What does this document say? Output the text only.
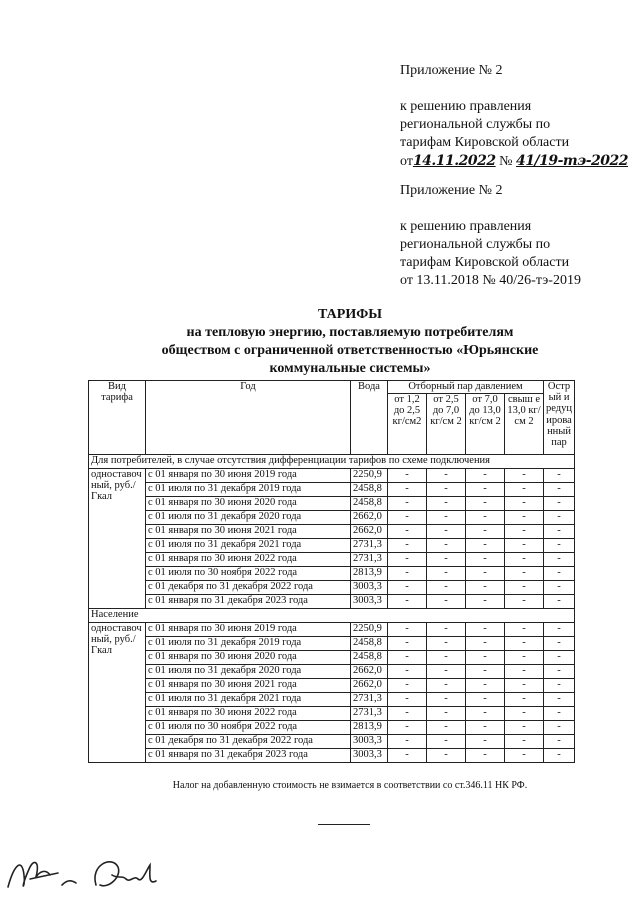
Приложение № 2
к решению правления
региональной службы по
тарифам Кировской области
от14.11.2022 № 41/19-тэ-2022
Приложение № 2
к решению правления
региональной службы по
тарифам Кировской области
от 13.11.2018 № 40/26-тэ-2019
ТАРИФЫ
на тепловую энергию, поставляемую потребителям
обществом с ограниченной ответственностью «Юрьянские
коммунальные системы»
Вид тарифа	Год	Вода	Отборный пар давлением				Остр ый и редуц ирова нный пар
			от 1,2 до 2,5 кг/см2	от 2,5 до 7,0 кг/см 2	от 7,0 до 13,0 кг/см 2	свыш е 13,0 кг/см 2	
Для потребителей, в случае отсутствия дифференциации тарифов по схеме подключения							
одноставоч ный, руб./Гкал	с 01 января по 30 июня 2019 года	2250,9	-	-	-	-	-
	с 01 июля по 31 декабря 2019 года	2458,8	-	-	-	-	-
	с 01 января по 30 июня 2020 года	2458,8	-	-	-	-	-
	с 01 июля по 31 декабря 2020 года	2662,0	-	-	-	-	-
	с 01 января по 30 июня 2021 года	2662,0	-	-	-	-	-
	с 01 июля по 31 декабря 2021 года	2731,3	-	-	-	-	-
	с 01 января по 30 июня 2022 года	2731,3	-	-	-	-	-
	с 01 июля по 30 ноября 2022 года	2813,9	-	-	-	-	-
	с 01 декабря по 31 декабря 2022 года	3003,3	-	-	-	-	-
	с 01 января по 31 декабря 2023 года	3003,3	-	-	-	-	-
Население							
одноставоч ный, руб./Гкал	с 01 января по 30 июня 2019 года	2250,9	-	-	-	-	-
	с 01 июля по 31 декабря 2019 года	2458,8	-	-	-	-	-
	с 01 января по 30 июня 2020 года	2458,8	-	-	-	-	-
	с 01 июля по 31 декабря 2020 года	2662,0	-	-	-	-	-
	с 01 января по 30 июня 2021 года	2662,0	-	-	-	-	-
	с 01 июля по 31 декабря 2021 года	2731,3	-	-	-	-	-
	с 01 января по 30 июня 2022 года	2731,3	-	-	-	-	-
	с 01 июля по 30 ноября 2022 года	2813,9	-	-	-	-	-
	с 01 декабря по 31 декабря 2022 года	3003,3	-	-	-	-	-
	с 01 января по 31 декабря 2023 года	3003,3	-	-	-	-	-
Налог на добавленную стоимость не взимается в соответствии со ст.346.11 НК РФ.
